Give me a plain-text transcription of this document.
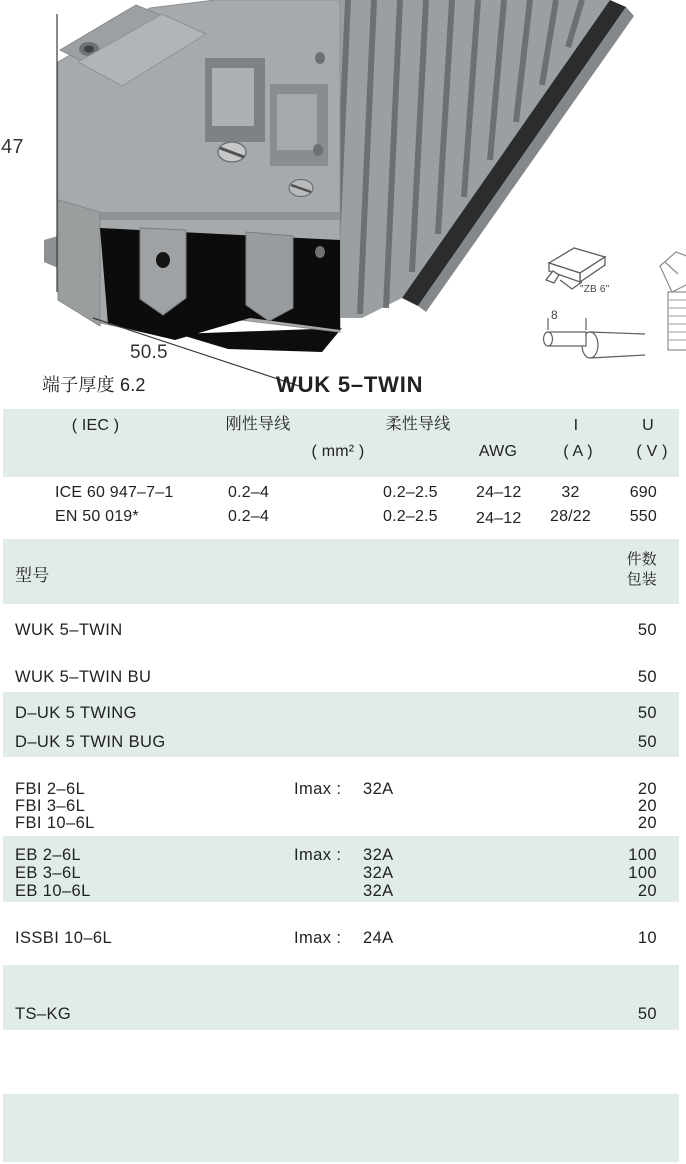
47
50.5
"ZB 6"
8
端子厚度 6.2	WUK 5–TWIN
( IEC )	刚性导线	柔性导线	I	U
( mm² )	AWG	( A )	( V )
ICE 60 947–7–1	0.2–4	0.2–2.5 24–12	32	690
EN 50 019*	0.2–4	0.2–2.5 24–12	28/22	550
型号
件数
包装
WUK 5–TWIN	50
WUK 5–TWIN BU	50
D–UK 5 TWING	50
D–UK 5 TWIN BUG	50
FBI 2–6L	Imax : 32A	20
FBI 3–6L	20
FBI 10–6L	20
EB 2–6L	Imax : 32A	100
EB 3–6L	32A	100
EB 10–6L	32A	20
ISSBI 10–6L	Imax : 24A	10
TS–KG	50
